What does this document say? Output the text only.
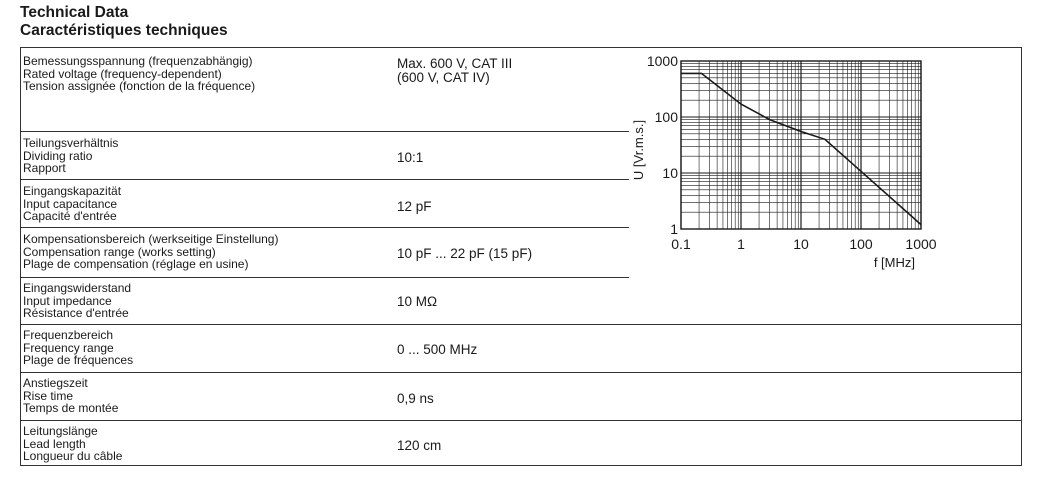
Technical Data
Caractéristiques techniques
Bemessungsspannung (frequenzabhängig)
Rated voltage (frequency-dependent)
Tension assignée (fonction de la fréquence)
Max. 600 V, CAT III
(600 V, CAT IV)
Teilungsverhältnis
Dividing ratio
Rapport
10:1
Eingangskapazität
Input capacitance
Capacité d'entrée
12 pF
Kompensationsbereich (werkseitige Einstellung)
Compensation range (works setting)
Plage de compensation (réglage en usine)
10 pF ... 22 pF (15 pF)
Eingangswiderstand
Input impedance
Résistance d'entrée
10 MΩ
Frequenzbereich
Frequency range
Plage de fréquences
0 ... 500 MHz
Anstiegszeit
Rise time
Temps de montée
0,9 ns
Leitungslänge
Lead length
Longueur du câble
120 cm
0.1	1	10	100 1000
1
10
100
1000
f [MHz]
U [Vr.m.s.]
